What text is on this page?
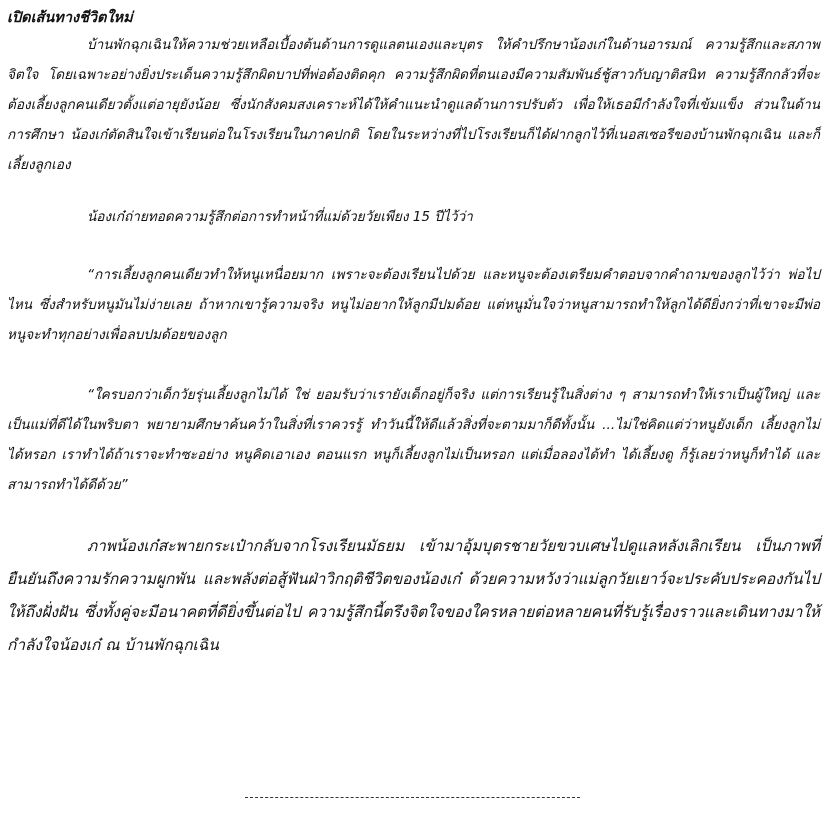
เปิดเส้นทางชีวิตใหม่

บ้านพักฉุกเฉินให้ความช่วยเหลือเบื้องต้นด้านการดูแลตนเองและบุตร ให้คำปรึกษาน้องเก๋ในด้านอารมณ์ ความรู้สึกและสภาพจิตใจ โดยเฉพาะอย่างยิ่งประเด็นความรู้สึกผิดบาปที่พ่อต้องติดคุก ความรู้สึกผิดที่ตนเองมีความสัมพันธ์ชู้สาวกับญาติสนิท ความรู้สึกกลัวที่จะต้องเลี้ยงลูกคนเดียวตั้งแต่อายุยังน้อย ซึ่งนักสังคมสงเคราะห์ได้ให้คำแนะนำดูแลด้านการปรับตัว เพื่อให้เธอมีกำลังใจที่เข้มแข็ง ส่วนในด้านการศึกษา น้องเก๋ตัดสินใจเข้าเรียนต่อในโรงเรียนในภาคปกติ โดยในระหว่างที่ไปโรงเรียนก็ได้ฝากลูกไว้ที่เนอสเซอรีของบ้านพักฉุกเฉิน และก็เลี้ยงลูกเอง

น้องเก๋ถ่ายทอดความรู้สึกต่อการทำหน้าที่แม่ด้วยวัยเพียง 15 ปีไว้ว่า

“การเลี้ยงลูกคนเดียวทำให้หนูเหนื่อยมาก เพราะจะต้องเรียนไปด้วย และหนูจะต้องเตรียมคำตอบจากคำถามของลูกไว้ว่า พ่อไปไหน ซึ่งสำหรับหนูมันไม่ง่ายเลย ถ้าหากเขารู้ความจริง หนูไม่อยากให้ลูกมีปมด้อย แต่หนูมั่นใจว่าหนูสามารถทำให้ลูกได้ดียิ่งกว่าที่เขาจะมีพ่อ หนูจะทำทุกอย่างเพื่อลบปมด้อยของลูก

“ใครบอกว่าเด็กวัยรุ่นเลี้ยงลูกไม่ได้ ใช่ ยอมรับว่าเรายังเด็กอยู่ก็จริง แต่การเรียนรู้ในสิ่งต่าง ๆ สามารถทำให้เราเป็นผู้ใหญ่ และเป็นแม่ที่ดีได้ในพริบตา พยายามศึกษาค้นคว้าในสิ่งที่เราควรรู้ ทำวันนี้ให้ดีแล้วสิ่งที่จะตามมาก็ดีทั้งนั้น ...ไม่ใช่คิดแต่ว่าหนูยังเด็ก เลี้ยงลูกไม่ได้หรอก เราทำได้ถ้าเราจะทำซะอย่าง หนูคิดเอาเอง ตอนแรก หนูก็เลี้ยงลูกไม่เป็นหรอก แต่เมื่อลองได้ทำ ได้เลี้ยงดู ก็รู้เลยว่าหนูก็ทำได้ และสามารถทำได้ดีด้วย”

ภาพน้องเก๋สะพายกระเป๋ากลับจากโรงเรียนมัธยม เข้ามาอุ้มบุตรชายวัยขวบเศษไปดูแลหลังเลิกเรียน เป็นภาพที่ยืนยันถึงความรักความผูกพัน และพลังต่อสู้ฟันฝ่าวิกฤติชีวิตของน้องเก๋ ด้วยความหวังว่าแม่ลูกวัยเยาว์จะประคับประคองกันไปให้ถึงฝั่งฝัน ซึ่งทั้งคู่จะมีอนาคตที่ดียิ่งขึ้นต่อไป ความรู้สึกนี้ตรึงจิตใจของใครหลายต่อหลายคนที่รับรู้เรื่องราวและเดินทางมาให้กำลังใจน้องเก๋ ณ บ้านพักฉุกเฉิน
